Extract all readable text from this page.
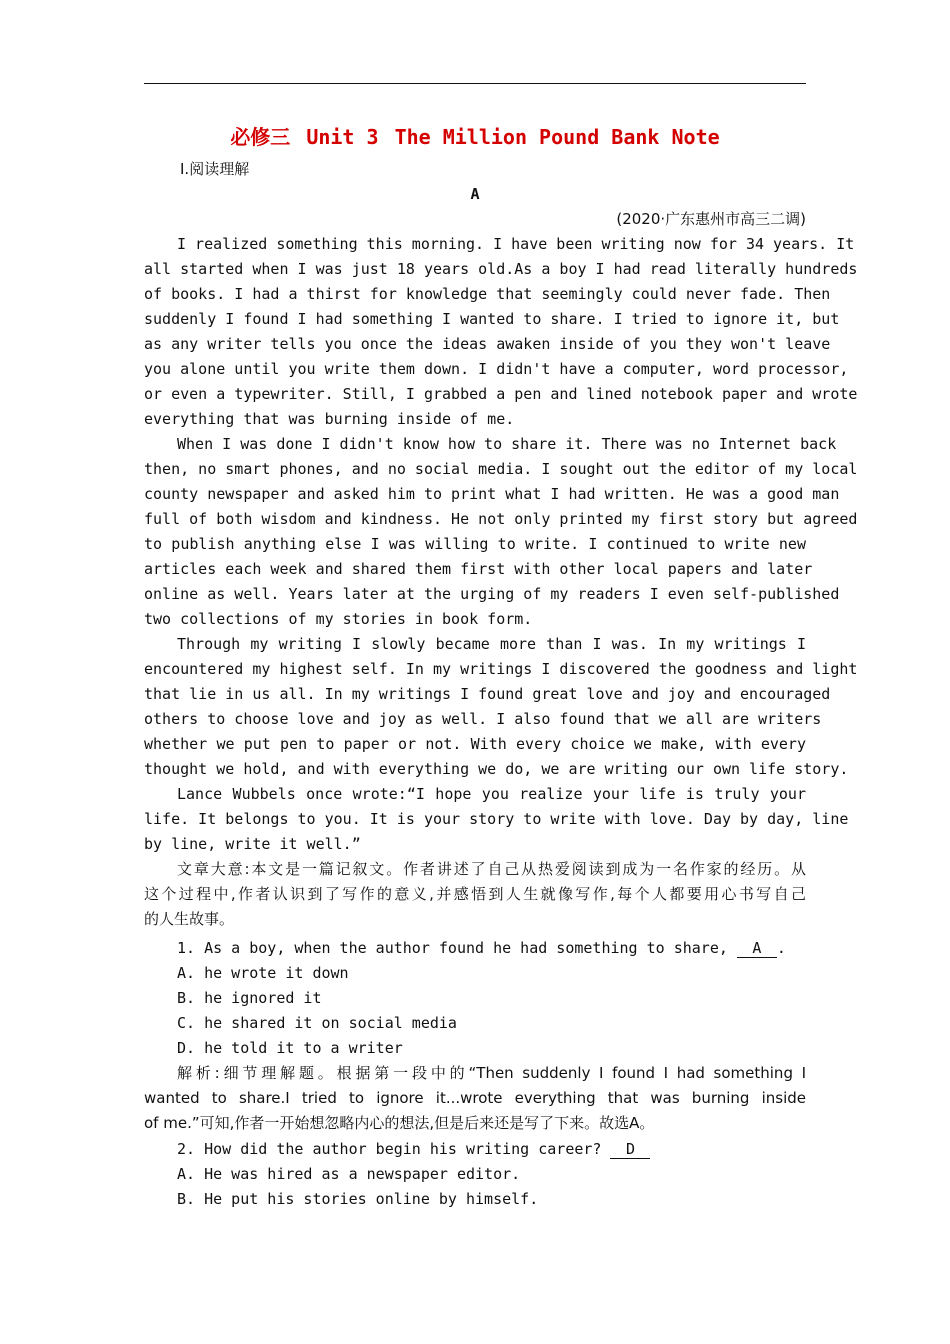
必修三 Unit 3 The Million Pound Bank Note
Ⅰ.阅读理解
A
(2020·广东惠州市高三二调)
I realized something this morning. I have been writing now for 34 years. It
all started when I was just 18 years old.As a boy I had read literally hundreds
of books. I had a thirst for knowledge that seemingly could never fade. Then
suddenly I found I had something I wanted to share. I tried to ignore it, but
as any writer tells you once the ideas awaken inside of you they won't leave
you alone until you write them down. I didn't have a computer, word processor,
or even a typewriter. Still, I grabbed a pen and lined notebook paper and wrote
everything that was burning inside of me.
When I was done I didn't know how to share it. There was no Internet back
then, no smart phones, and no social media. I sought out the editor of my local
county newspaper and asked him to print what I had written. He was a good man
full of both wisdom and kindness. He not only printed my first story but agreed
to publish anything else I was willing to write. I continued to write new
articles each week and shared them first with other local papers and later
online as well. Years later at the urging of my readers I even self-published
two collections of my stories in book form.
Through my writing I slowly became more than I was. In my writings I
encountered my highest self. In my writings I discovered the goodness and light
that lie in us all. In my writings I found great love and joy and encouraged
others to choose love and joy as well. I also found that we all are writers
whether we put pen to paper or not. With every choice we make, with every
thought we hold, and with everything we do, we are writing our own life story.
Lance Wubbels once wrote:“I hope you realize your life is truly your
life. It belongs to you. It is your story to write with love. Day by day, line
by line, write it well.”
文章大意:本文是一篇记叙文。作者讲述了自己从热爱阅读到成为一名作家的经历。从
这个过程中,作者认识到了写作的意义,并感悟到人生就像写作,每个人都要用心书写自己
的人生故事。
1. As a boy, when the author found he had something to share, A .
A. he wrote it down
B. he ignored it
C. he shared it on social media
D. he told it to a writer
解析:细节理解题。根据第一段中的“Then suddenly I found I had something I
wanted to share.I tried to ignore it...wrote everything that was burning inside
of me.”可知,作者一开始想忽略内心的想法,但是后来还是写了下来。故选A。
2. How did the author begin his writing career? D
A. He was hired as a newspaper editor.
B. He put his stories online by himself.
